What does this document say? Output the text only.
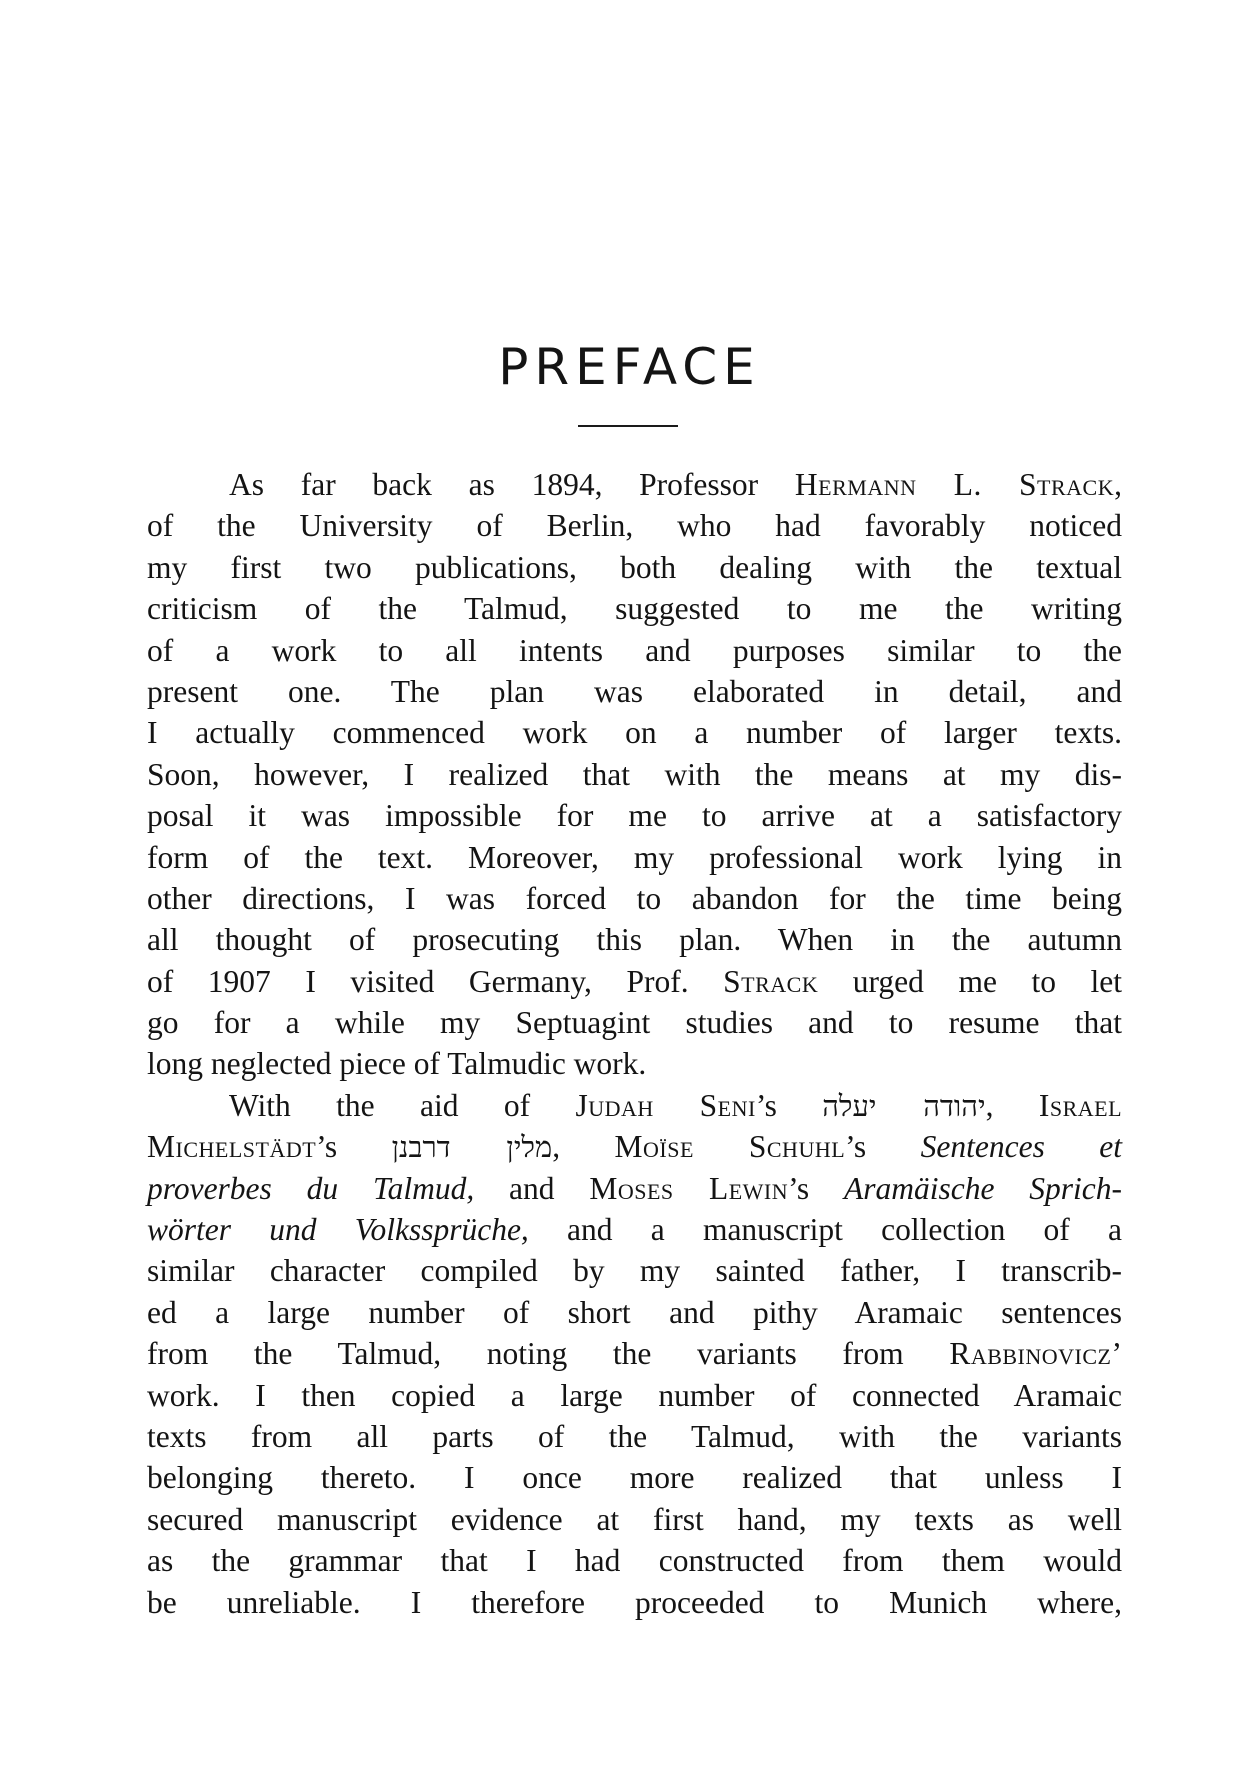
PREFACE
As far back as 1894, Professor Hermann L. Strack,
of the University of Berlin, who had favorably noticed
my first two publications, both dealing with the textual
criticism of the Talmud, suggested to me the writing
of a work to all intents and purposes similar to the
present one. The plan was elaborated in detail, and
I actually commenced work on a number of larger texts.
Soon, however, I realized that with the means at my dis-
posal it was impossible for me to arrive at a satisfactory
form of the text. Moreover, my professional work lying in
other directions, I was forced to abandon for the time being
all thought of prosecuting this plan. When in the autumn
of 1907 I visited Germany, Prof. Strack urged me to let
go for a while my Septuagint studies and to resume that
long neglected piece of Talmudic work.
With the aid of Judah Seni’s יהודה יעלה, Israel
Michelstädt’s מלין דרבנן, Moïse Schuhl’s Sentences et
proverbes du Talmud, and Moses Lewin’s Aramäische Sprich-
wörter und Volkssprüche, and a manuscript collection of a
similar character compiled by my sainted father, I transcrib-
ed a large number of short and pithy Aramaic sentences
from the Talmud, noting the variants from Rabbinovicz’
work. I then copied a large number of connected Aramaic
texts from all parts of the Talmud, with the variants
belonging thereto. I once more realized that unless I
secured manuscript evidence at first hand, my texts as well
as the grammar that I had constructed from them would
be unreliable. I therefore proceeded to Munich where,
